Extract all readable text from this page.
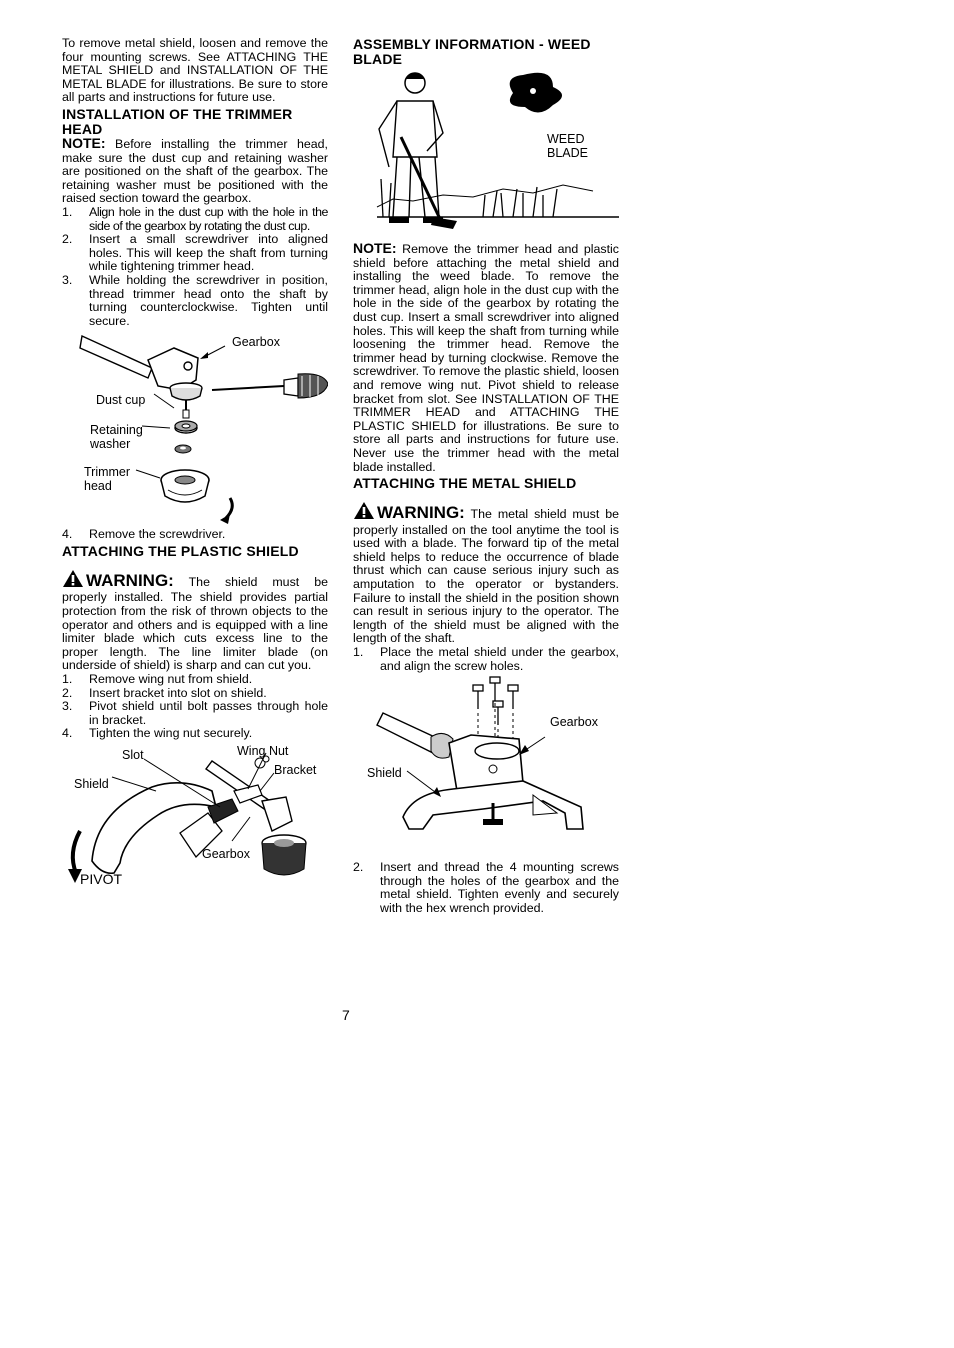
To remove metal shield, loosen and remove the four mounting screws. See ATTACHING THE METAL SHIELD and INSTALLATION OF THE METAL BLADE for illustrations. Be sure to store all parts and instructions for future use.

INSTALLATION OF THE TRIMMER HEAD

NOTE: Before installing the trimmer head, make sure the dust cup and retaining washer are positioned on the shaft of the gearbox. The retaining washer must be positioned with the raised section toward the gearbox.

1. Align hole in the dust cup with the hole in the side of the gearbox by rotating the dust cup.
2. Insert a small screwdriver into aligned holes. This will keep the shaft from turning while tightening trimmer head.
3. While holding the screwdriver in position, thread trimmer head onto the shaft by turning counterclockwise. Tighten until secure.
Gearbox
Dust cup
Retaining
washer
Trimmer
head
4. Remove the screwdriver.
ATTACHING THE PLASTIC SHIELD

WARNING: The shield must be properly installed. The shield provides partial protection from the risk of thrown objects to the operator and others and is equipped with a line limiter blade which cuts excess line to the proper length. The line limiter blade (on underside of shield) is sharp and can cut you.

1. Remove wing nut from shield.
2. Insert bracket into slot on shield.
3. Pivot shield until bolt passes through hole in bracket.
4. Tighten the wing nut securely.
Slot	Wing Nut
Bracket
Shield
Gearbox
PIVOT
ASSEMBLY INFORMATION - WEED BLADE
WEED
BLADE

NOTE: Remove the trimmer head and plastic shield before attaching the metal shield and installing the weed blade. To remove the trimmer head, align hole in the dust cup with the hole in the side of the gearbox by rotating the dust cup. Insert a small screwdriver into aligned holes. This will keep the shaft from turning while loosening the trimmer head. Remove the trimmer head by turning clockwise. Remove the screwdriver. To remove the plastic shield, loosen and remove wing nut. Pivot shield to release bracket from slot. See INSTALLATION OF THE TRIMMER HEAD and ATTACHING THE PLASTIC SHIELD for illustrations. Be sure to store all parts and instructions for future use. Never use the trimmer head with the metal blade installed.

ATTACHING THE METAL SHIELD

WARNING: The metal shield must be properly installed on the tool anytime the tool is used with a blade. The forward tip of the metal shield helps to reduce the occurrence of blade thrust which can cause serious injury such as amputation to the operator or bystanders. Failure to install the shield in the position shown can result in serious injury to the operator. The length of the shield must be aligned with the length of the shaft.

1. Place the metal shield under the gearbox, and align the screw holes.
Gearbox
Shield
2. Insert and thread the 4 mounting screws through the holes of the gearbox and the metal shield. Tighten evenly and securely with the hex wrench provided.
7
